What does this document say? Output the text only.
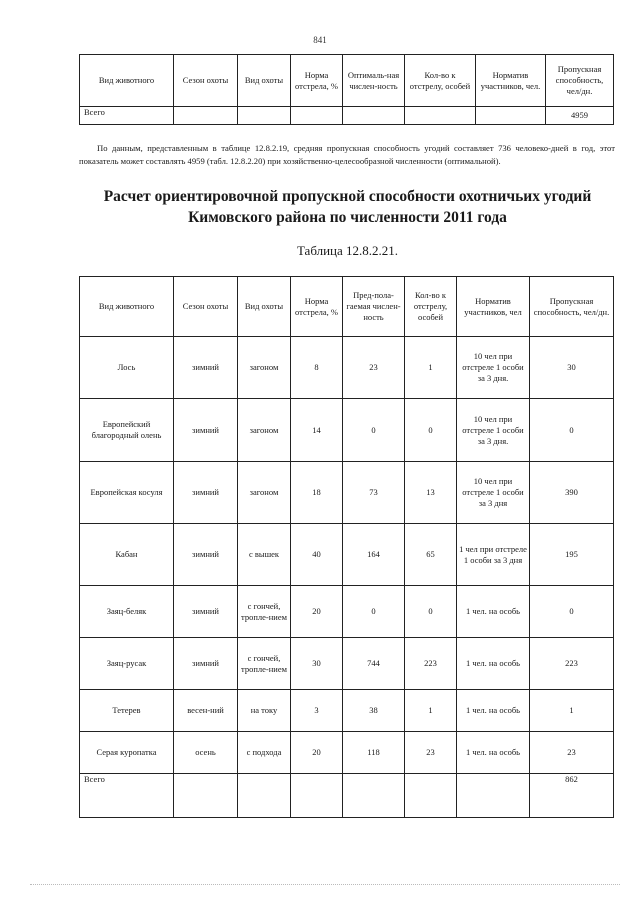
841
Вид животного	Сезон охоты	Вид охоты	Норма отстрела, %	Оптималь-ная числен-ность	Кол-во к отстрелу, особей	Норматив участников, чел.	Пропускная способность, чел/дн.
Всего							4959
По данным, представленным в таблице 12.8.2.19, средняя пропускная способность угодий составляет 736 человеко-дней в год, этот показатель может составлять 4959 (табл. 12.8.2.20) при хозяйственно-целесообразной численности (оптимальной).
Расчет ориентировочной пропускной способности охотничьих угодий
Кимовского района по численности 2011 года
Таблица 12.8.2.21.
Вид животного	Сезон охоты	Вид охоты	Норма отстрела, %	Пред-пола-гаемая числен-ность	Кол-во к отстрелу, особей	Норматив участников, чел	Пропускная способность, чел/дн.
Лось	зимний	загоном	8	23	1	10 чел при отстреле 1 особи за 3 дня.	30
Европейский благородный олень	зимний	загоном	14	0	0	10 чел при отстреле 1 особи за 3 дня.	0
Европейская косуля	зимний	загоном	18	73	13	10 чел при отстреле 1 особи за 3 дня	390
Кабан	зимний	с вышек	40	164	65	1 чел при отстреле 1 особи за 3 дня	195
Заяц-беляк	зимний	с гончей, тропле-нием	20	0	0	1 чел. на особь	0
Заяц-русак	зимний	с гончей, тропле-нием	30	744	223	1 чел. на особь	223
Тетерев	весен-ний	на току	3	38	1	1 чел. на особь	1
Серая куропатка	осень	с подхода	20	118	23	1 чел. на особь	23
Всего							862
